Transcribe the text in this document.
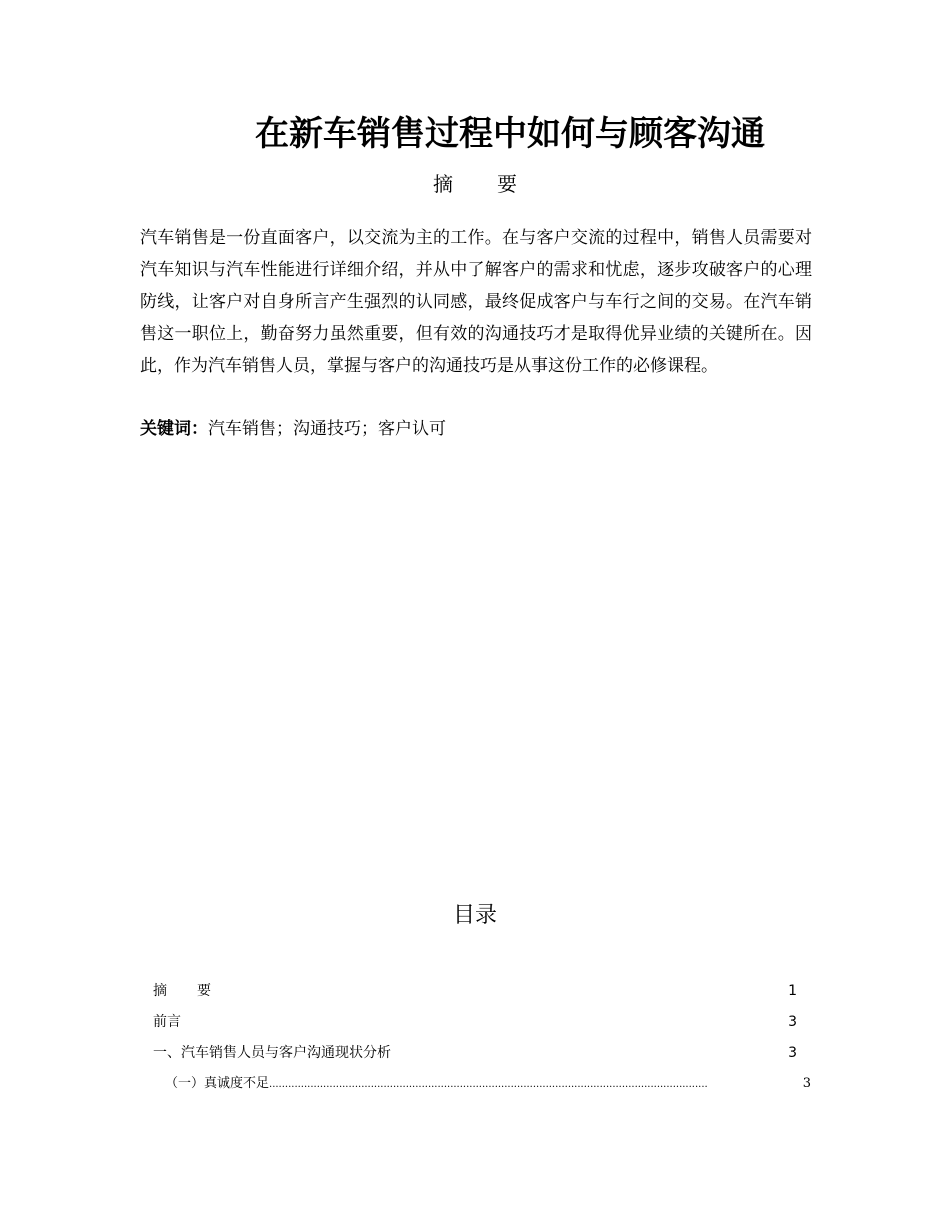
在新车销售过程中如何与顾客沟通
摘 要
汽车销售是一份直面客户，以交流为主的工作。在与客户交流的过程中，销售人员需要对汽车知识与汽车性能进行详细介绍，并从中了解客户的需求和忧虑，逐步攻破客户的心理防线，让客户对自身所言产生强烈的认同感，最终促成客户与车行之间的交易。在汽车销售这一职位上，勤奋努力虽然重要，但有效的沟通技巧才是取得优异业绩的关键所在。因此，作为汽车销售人员，掌握与客户的沟通技巧是从事这份工作的必修课程。
关键词：汽车销售；沟通技巧；客户认可
目录
摘 要	1
前言	3
一、汽车销售人员与客户沟通现状分析	3
（一）真诚度不足 ..........................................................................................................................................	3
